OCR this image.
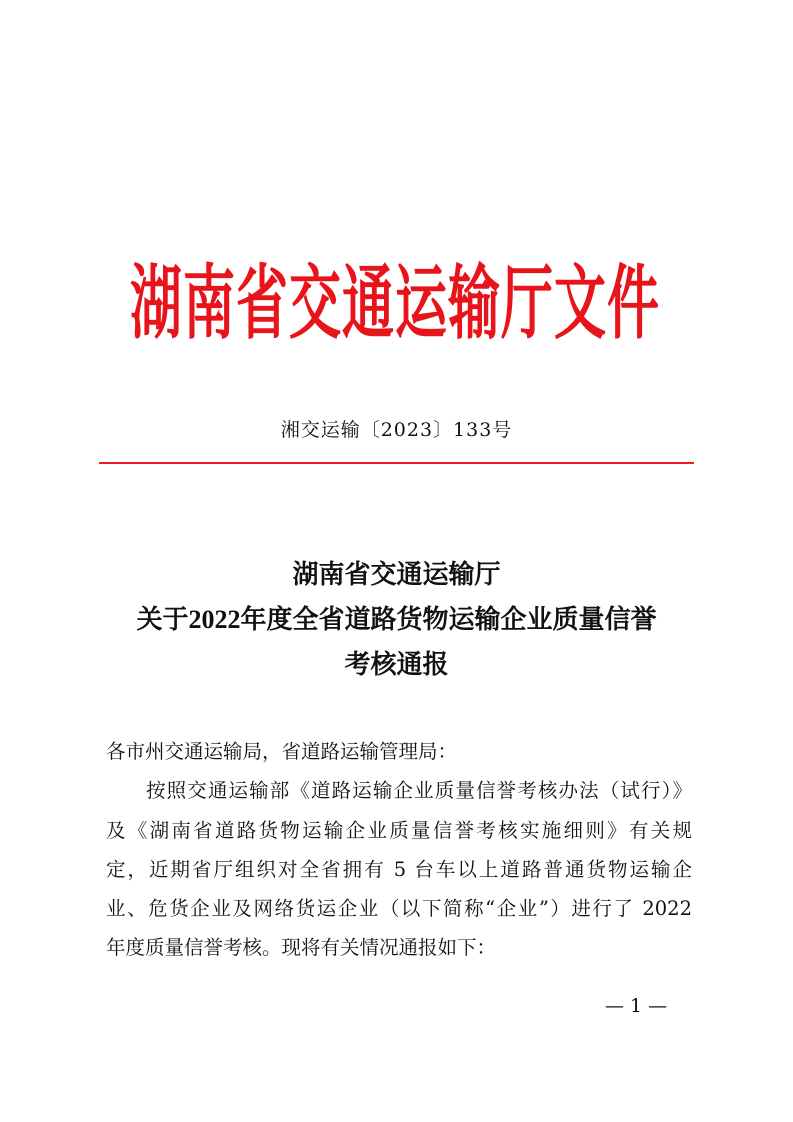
湖南省交通运输厅文件
湘交运输〔2023〕133号
湖南省交通运输厅
关于2022年度全省道路货物运输企业质量信誉
考核通报
各市州交通运输局，省道路运输管理局：
按照交通运输部《道路运输企业质量信誉考核办法（试行）》
及《湖南省道路货物运输企业质量信誉考核实施细则》有关规
定，近期省厅组织对全省拥有 5 台车以上道路普通货物运输企
业、危货企业及网络货运企业（以下简称“企业”）进行了 2022
年度质量信誉考核。现将有关情况通报如下：
— 1 —
